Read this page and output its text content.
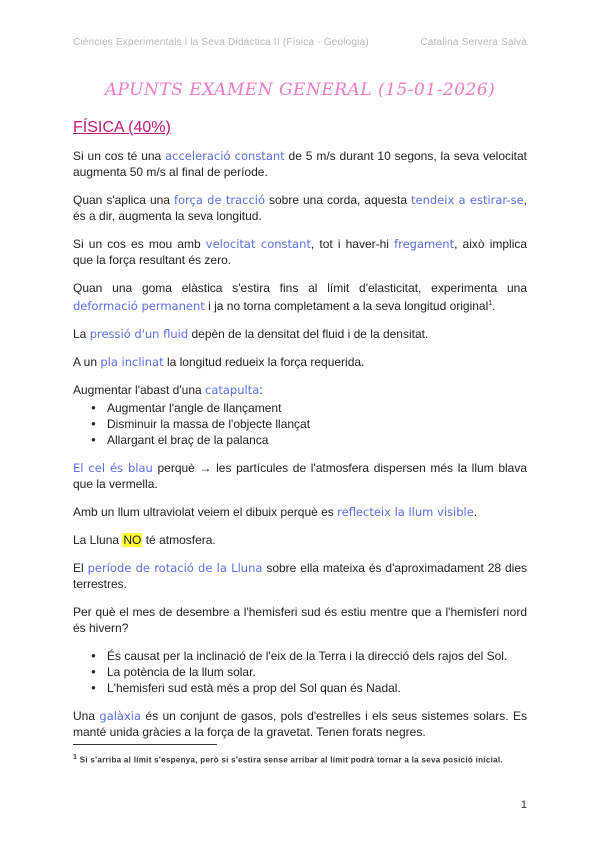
Ciències Experimentals i la Seva Didàctica II (Física - Geologia)	Catalina Servera Salvà
APUNTS EXAMEN GENERAL (15-01-2026)
FÍSICA (40%)

Si un cos té una acceleració constant de 5 m/s durant 10 segons, la seva velocitat augmenta 50 m/s al final de període.

Quan s'aplica una força de tracció sobre una corda, aquesta tendeix a estirar-se, és a dir, augmenta la seva longitud.

Si un cos es mou amb velocitat constant, tot i haver-hi fregament, això implica que la força resultant és zero.

Quan una goma elàstica s'estira fins al límit d'elasticitat, experimenta una deformació permanent i ja no torna completament a la seva longitud original$^1$.

La pressió d'un fluid depèn de la densitat del fluid i de la densitat.

A un pla inclinat la longitud redueix la força requerida.

Augmentar l'abast d'una catapulta:

● Augmentar l'angle de llançament
● Disminuir la massa de l'objecte llançat
● Allargant el braç de la palanca

El cel és blau perquè → les partícules de l'atmosfera dispersen més la llum blava que la vermella.

Amb un llum ultraviolat veiem el dibuix perquè es reflecteix la llum visible.

La Lluna NO té atmosfera.

El període de rotació de la Lluna sobre ella mateixa és d'aproximadament 28 dies terrestres.

Per què el mes de desembre a l'hemisferi sud és estiu mentre que a l'hemisferi nord és hivern?

● És causat per la inclinació de l'eix de la Terra i la direcció dels rajos del Sol.
● La potència de la llum solar.
● L'hemisferi sud està més a prop del Sol quan és Nadal.

Una galàxia és un conjunt de gasos, pols d'estrelles i els seus sistemes solars. Es manté unida gràcies a la força de la gravetat. Tenen forats negres.

$^1$ Si s'arriba al límit s'espenya, però si s'estira sense arribar al límit podrà tornar a la seva posició inicial.
1
